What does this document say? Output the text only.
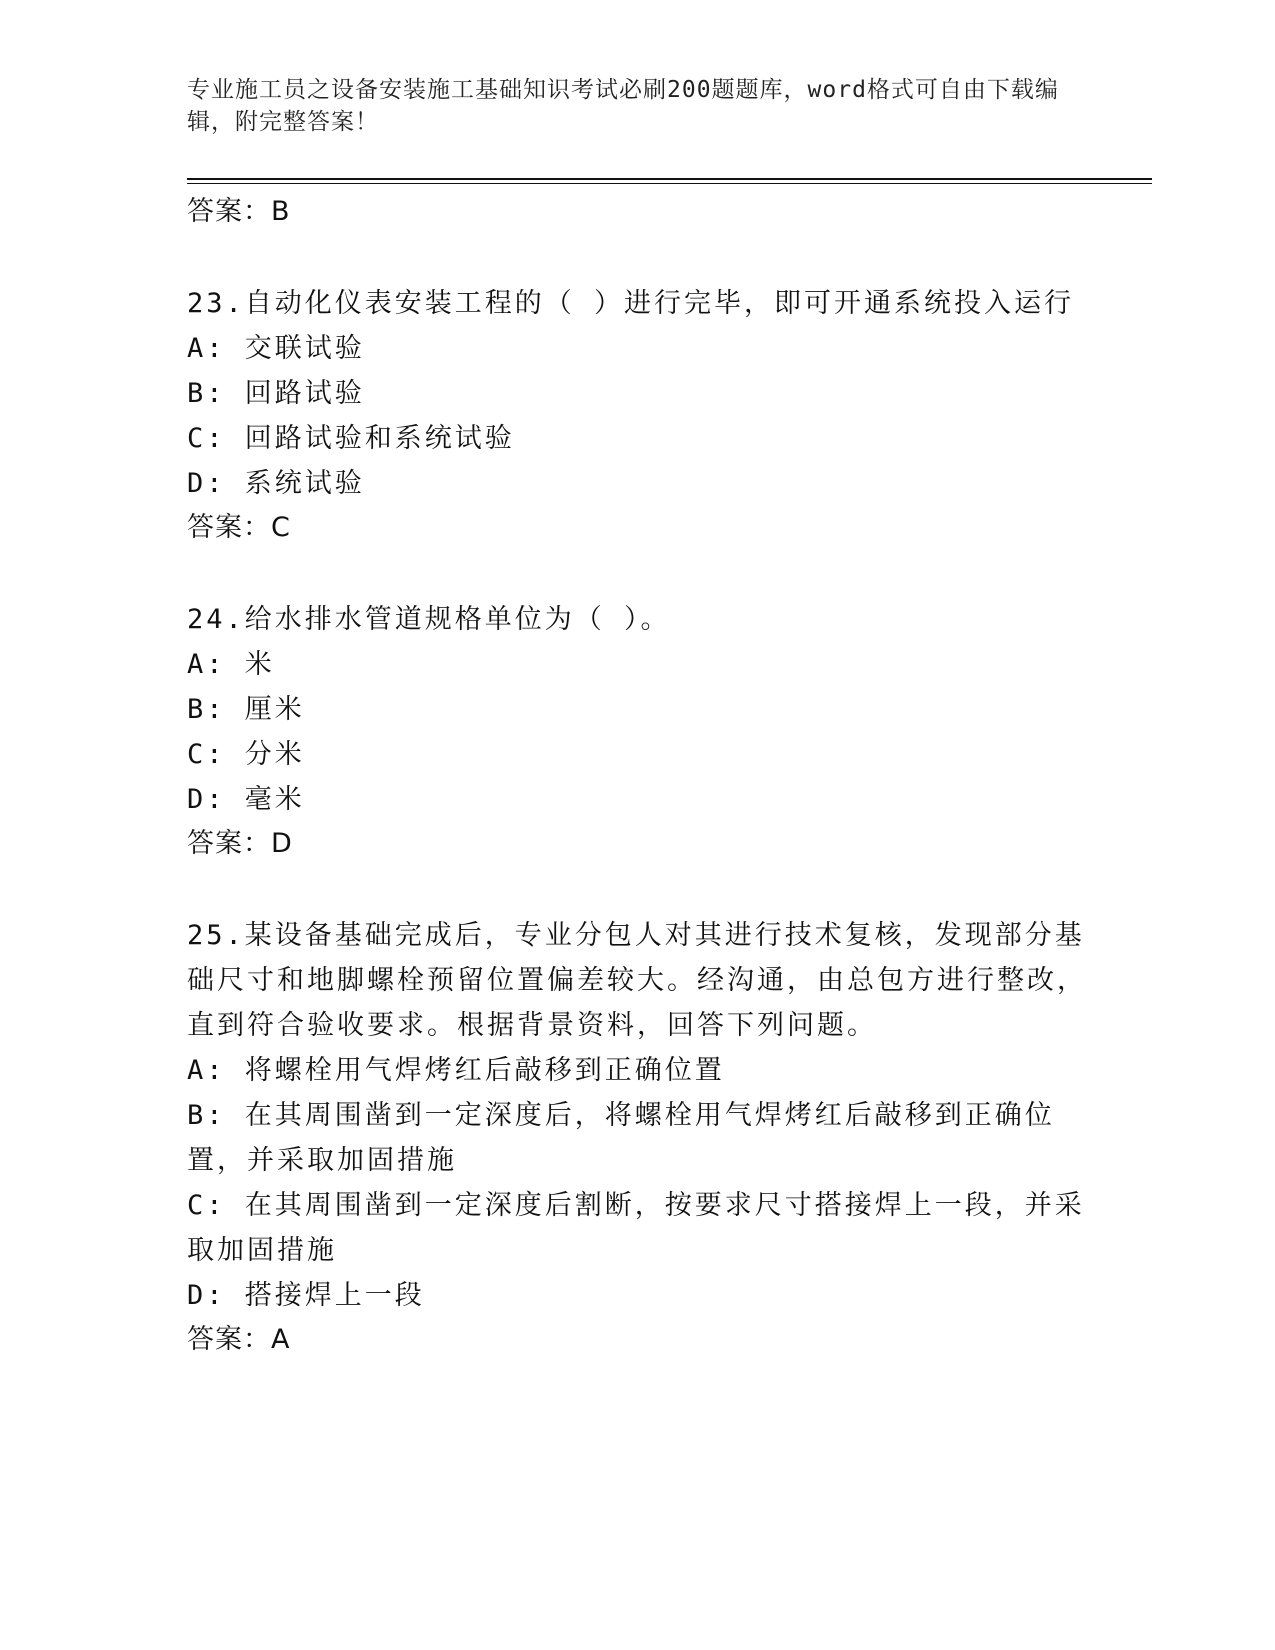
专业施工员之设备安装施工基础知识考试必刷200题题库，word格式可自由下载编辑，附完整答案！
答案：B
23.自动化仪表安装工程的（ ）进行完毕，即可开通系统投入运行
A: 交联试验
B: 回路试验
C: 回路试验和系统试验
D: 系统试验
答案：C
24.给水排水管道规格单位为（ ）。
A: 米
B: 厘米
C: 分米
D: 毫米
答案：D
25.某设备基础完成后，专业分包人对其进行技术复核，发现部分基础尺寸和地脚螺栓预留位置偏差较大。经沟通，由总包方进行整改，直到符合验收要求。根据背景资料，回答下列问题。
A: 将螺栓用气焊烤红后敲移到正确位置
B: 在其周围凿到一定深度后，将螺栓用气焊烤红后敲移到正确位置，并采取加固措施
C: 在其周围凿到一定深度后割断，按要求尺寸搭接焊上一段，并采取加固措施
D: 搭接焊上一段
答案：A
